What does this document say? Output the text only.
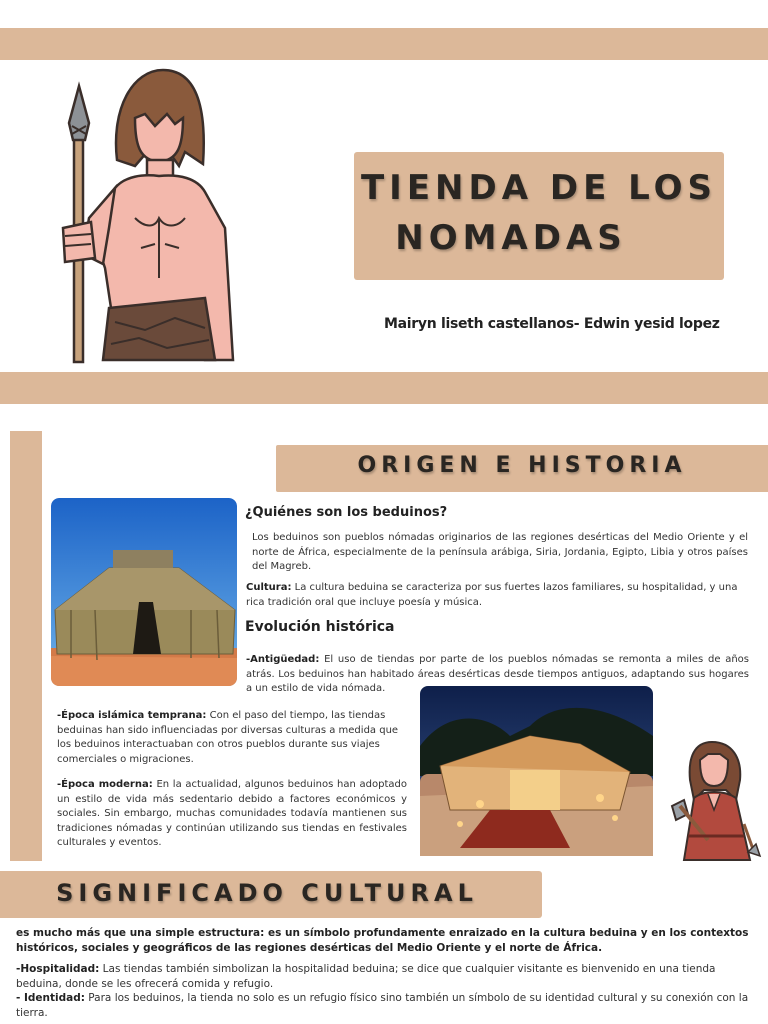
TIENDA DE LOS
NOMADAS
Mairyn liseth castellanos- Edwin yesid lopez
ORIGEN E HISTORIA
¿Quiénes son los beduinos?
Los beduinos son pueblos nómadas originarios de las regiones desérticas del Medio Oriente y el norte de África, especialmente de la península arábiga, Siria, Jordania, Egipto, Libia y otros países del Magreb.
Cultura: La cultura beduina se caracteriza por sus fuertes lazos familiares, su hospitalidad, y una rica tradición oral que incluye poesía y música.
Evolución histórica
-Antigüedad: El uso de tiendas por parte de los pueblos nómadas se remonta a miles de años atrás. Los beduinos han habitado áreas desérticas desde tiempos antiguos, adaptando sus hogares a un estilo de vida nómada.
-Época islámica temprana: Con el paso del tiempo, las tiendas beduinas han sido influenciadas por diversas culturas a medida que los beduinos interactuaban con otros pueblos durante sus viajes comerciales o migraciones.
-Época moderna: En la actualidad, algunos beduinos han adoptado un estilo de vida más sedentario debido a factores económicos y sociales. Sin embargo, muchas comunidades todavía mantienen sus tradiciones nómadas y continúan utilizando sus tiendas en festivales culturales y eventos.
SIGNIFICADO CULTURAL
es mucho más que una simple estructura: es un símbolo profundamente enraizado en la cultura beduina y en los contextos históricos, sociales y geográficos de las regiones desérticas del Medio Oriente y el norte de África.
-Hospitalidad: Las tiendas también simbolizan la hospitalidad beduina; se dice que cualquier visitante es bienvenido en una tienda beduina, donde se les ofrecerá comida y refugio.
- Identidad: Para los beduinos, la tienda no solo es un refugio físico sino también un símbolo de su identidad cultural y su conexión con la tierra.
